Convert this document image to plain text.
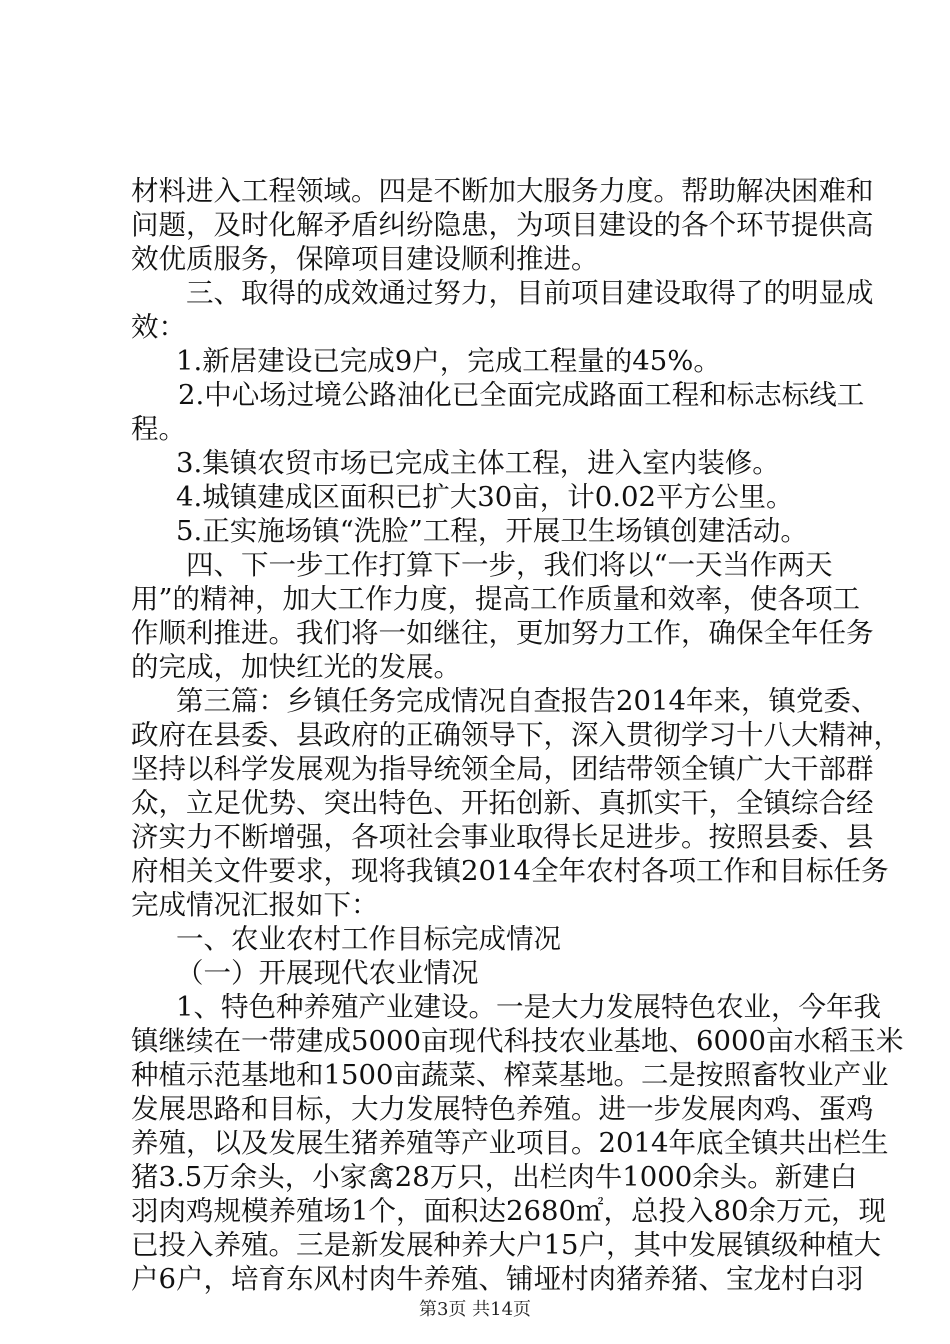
材料进入工程领域。四是不断加大服务力度。帮助解决困难和
问题，及时化解矛盾纠纷隐患，为项目建设的各个环节提供高
效优质服务，保障项目建设顺利推进。
三、取得的成效通过努力，目前项目建设取得了的明显成
效：
1.新居建设已完成9户，完成工程量的45%。
2.中心场过境公路油化已全面完成路面工程和标志标线工
程。
3.集镇农贸市场已完成主体工程，进入室内装修。
4.城镇建成区面积已扩大30亩，计0.02平方公里。
5.正实施场镇“洗脸”工程，开展卫生场镇创建活动。
四、下一步工作打算下一步，我们将以“一天当作两天
用”的精神，加大工作力度，提高工作质量和效率，使各项工
作顺利推进。我们将一如继往，更加努力工作，确保全年任务
的完成，加快红光的发展。
第三篇：乡镇任务完成情况自查报告2014年来，镇党委、
政府在县委、县政府的正确领导下，深入贯彻学习十八大精神，
坚持以科学发展观为指导统领全局，团结带领全镇广大干部群
众，立足优势、突出特色、开拓创新、真抓实干，全镇综合经
济实力不断增强，各项社会事业取得长足进步。按照县委、县
府相关文件要求，现将我镇2014全年农村各项工作和目标任务
完成情况汇报如下：
一、农业农村工作目标完成情况
（一）开展现代农业情况
1、特色种养殖产业建设。一是大力发展特色农业，今年我
镇继续在一带建成5000亩现代科技农业基地、6000亩水稻玉米
种植示范基地和1500亩蔬菜、榨菜基地。二是按照畜牧业产业
发展思路和目标，大力发展特色养殖。进一步发展肉鸡、蛋鸡
养殖，以及发展生猪养殖等产业项目。2014年底全镇共出栏生
猪3.5万余头，小家禽28万只，出栏肉牛1000余头。新建白
羽肉鸡规模养殖场1个，面积达2680㎡，总投入80余万元，现
已投入养殖。三是新发展种养大户15户，其中发展镇级种植大
户6户，培育东风村肉牛养殖、铺垭村肉猪养猪、宝龙村白羽
第3页 共14页
